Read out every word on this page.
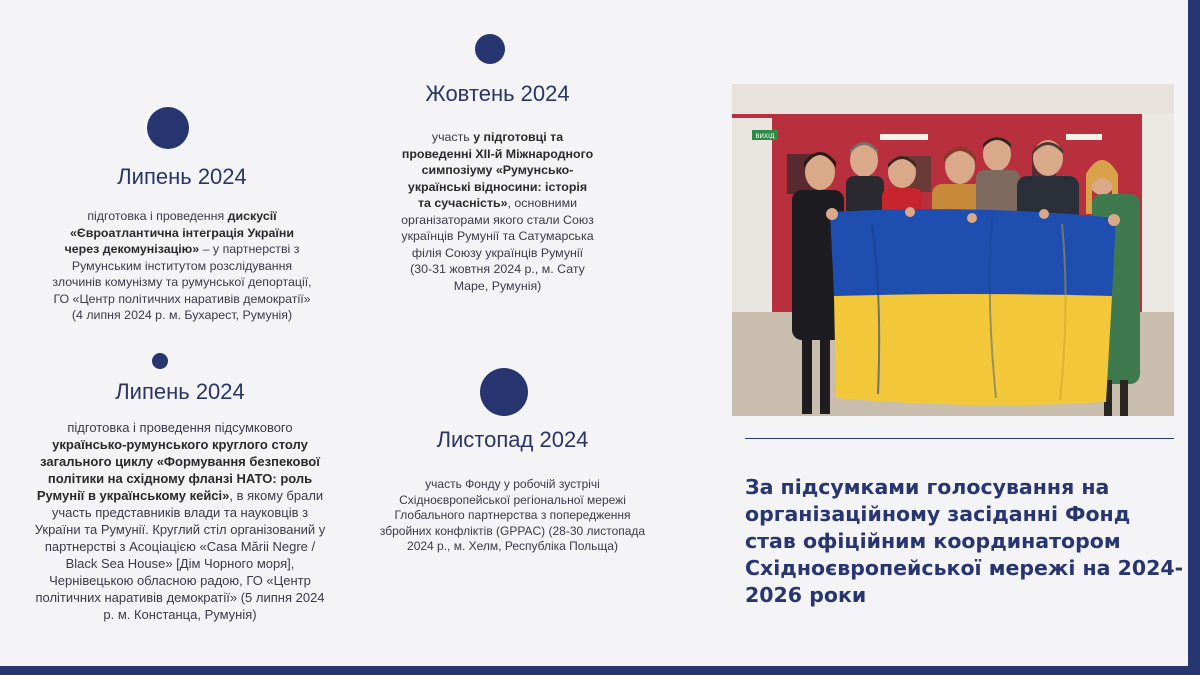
Липень 2024
підготовка і проведення дискусії «Євроатлантична інтеграція України через декомунізацію» – у партнерстві з Румунським інститутом розслідування злочинів комунізму та румунської депортації, ГО «Центр політичних наративів демократії» (4 липня 2024 р. м. Бухарест, Румунія)
Жовтень 2024
участь у підготовці та проведенні XII-й Міжнародного симпозіуму «Румунсько-українські відносини: історія та сучасність», основними організаторами якого стали Союз українців Румунії та Сатумарська філія Союзу українців Румунії (30-31 жовтня 2024 р., м. Сату Маре, Румунія)
Липень 2024
підготовка і проведення підсумкового українсько-румунського круглого столу загального циклу «Формування безпекової політики на східному фланзі НАТО: роль Румунії в українському кейсі», в якому брали участь представників влади та науковців з України та Румунії. Круглий стіл організований у партнерстві з Асоціацією «Casa Mării Negre / Black Sea House» [Дім Чорного моря], Чернівецькою обласною радою, ГО «Центр політичних наративів демократії» (5 липня 2024 р. м. Констанца, Румунія)
Листопад 2024
участь Фонду у робочій зустрічі Східноєвропейської регіональної мережі Глобального партнерства з попередження збройних конфліктів (GPPAC) (28-30 листопада 2024 р., м. Хелм, Республіка Польща)
ВИХІД
За підсумками голосування на організаційному засіданні Фонд став офіційним координатором Східноєвропейської мережі на 2024-2026 роки
